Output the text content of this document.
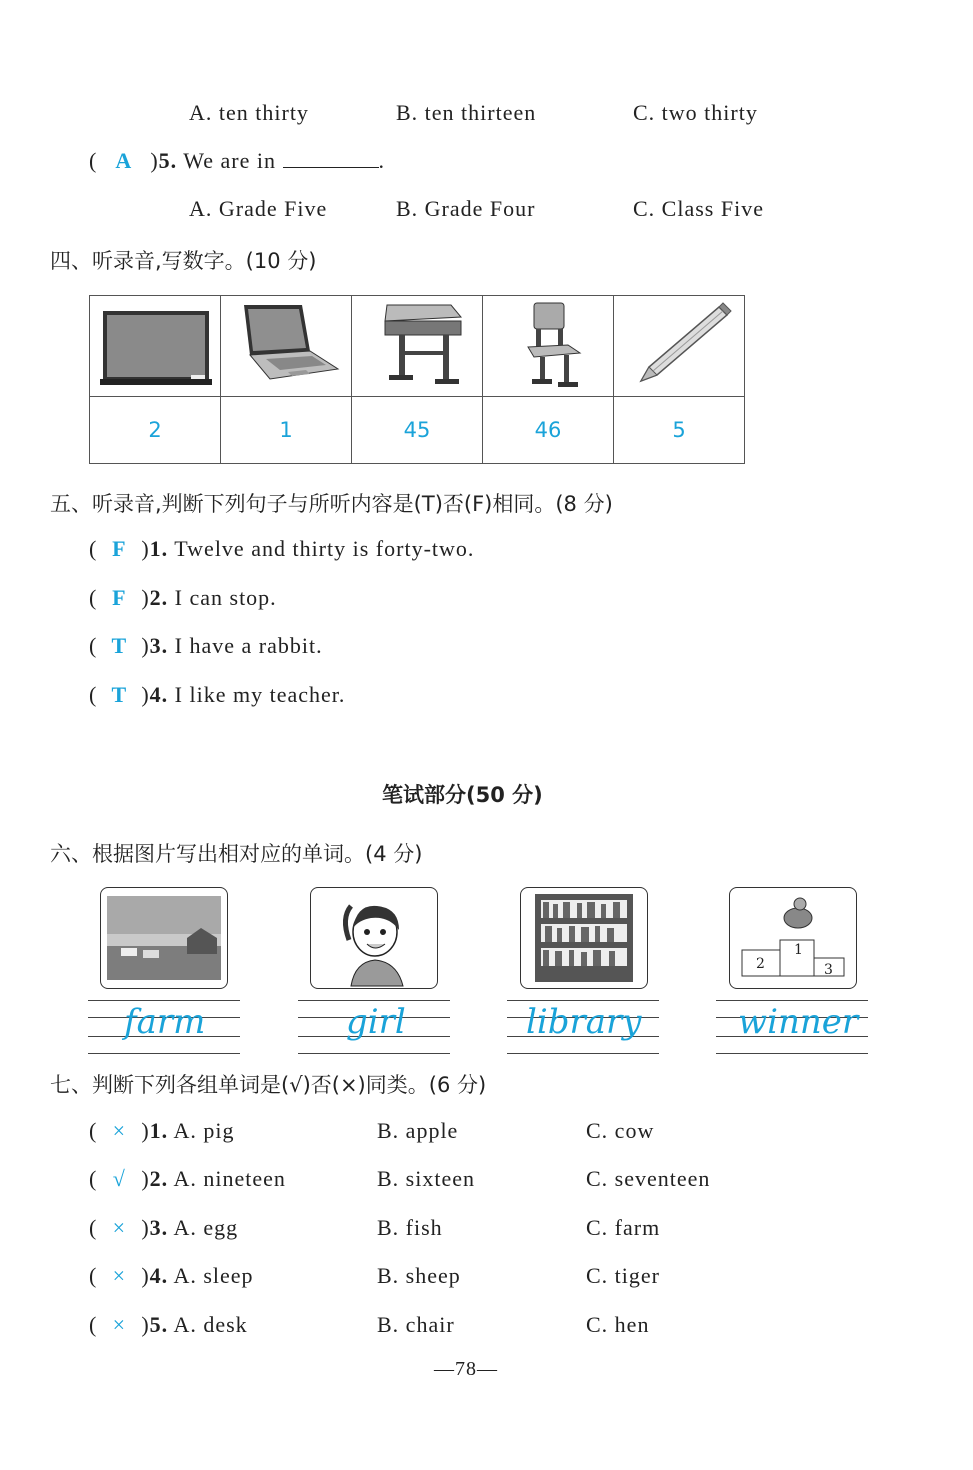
A. ten thirty	B. ten thirteen	C. two thirty
( A )5. We are in	.
A. Grade Five	B. Grade Four	C. Class Five
四、听录音,写数字。(10 分)

2	1	45	46	5
五、听录音,判断下列句子与所听内容是(T)否(F)相同。(8 分)
( F )1. Twelve and thirty is forty-two.
( F )2. I can stop.
( T )3. I have a rabbit.
( T )4. I like my teacher.
笔试部分(50 分)
六、根据图片写出相对应的单词。(4 分)
1
2	3
farm	girl	library	winner
七、判断下列各组单词是(√)否(×)同类。(6 分)
( × )1. A. pig	B. apple	C. cow
( √ )2. A. nineteen	B. sixteen	C. seventeen
( × )3. A. egg	B. fish	C. farm
( × )4. A. sleep	B. sheep	C. tiger
( × )5. A. desk	B. chair	C. hen
—78—
